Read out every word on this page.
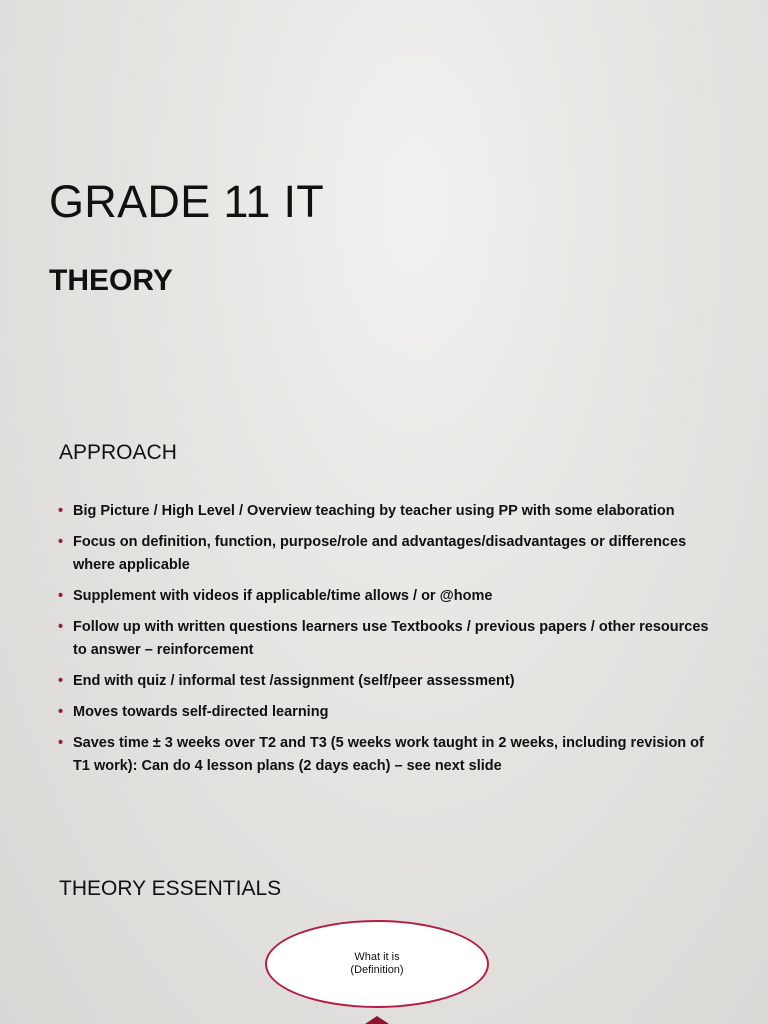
GRADE 11 IT
THEORY
APPROACH
• Big Picture / High Level / Overview teaching by teacher using PP with some elaboration
• Focus on definition, function, purpose/role and advantages/disadvantages or differences where applicable
• Supplement with videos if applicable/time allows / or @home
• Follow up with written questions learners use Textbooks / previous papers / other resources to answer – reinforcement
• End with quiz / informal test /assignment (self/peer assessment)
• Moves towards self-directed learning
• Saves time ± 3 weeks over T2 and T3 (5 weeks work taught in 2 weeks, including revision of T1 work): Can do 4 lesson plans (2 days each) – see next slide
THEORY ESSENTIALS
What it is
(Definition)
